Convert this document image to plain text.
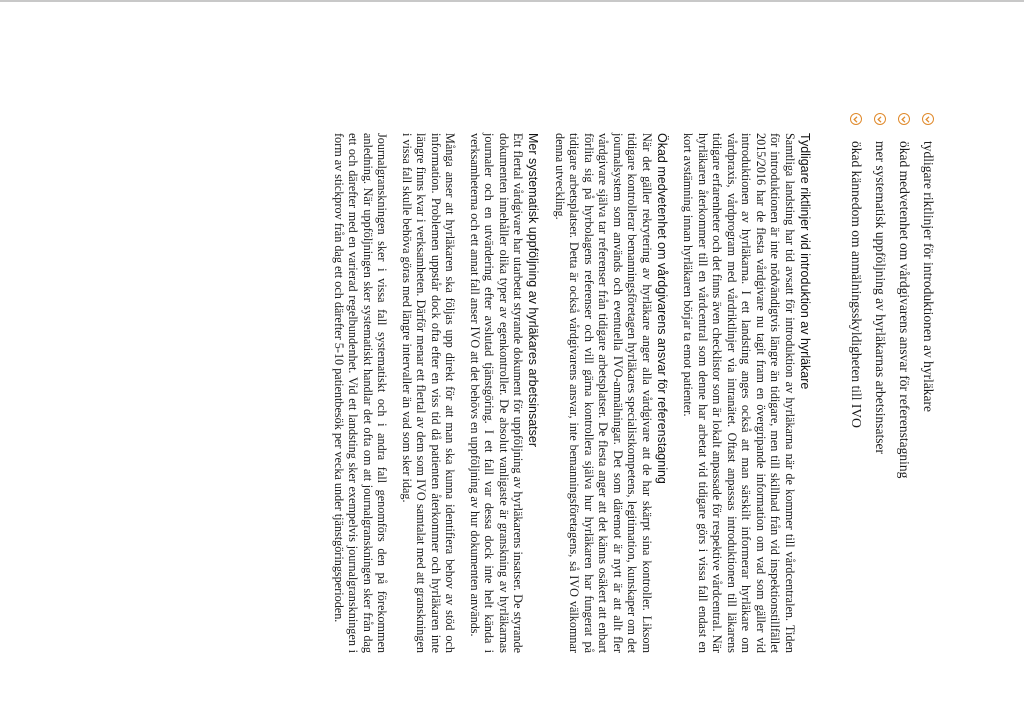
tydligare riktlinjer för introduktionen av hyrläkare
ökad medvetenhet om vårdgivarens ansvar för referenstagning
mer systematisk uppföljning av hyrläkarnas arbetsinsatser
ökad kännedom om anmälningsskyldigheten till IVO
Tydligare riktlinjer vid introduktion av hyrläkare

Samtliga landsting har tid avsatt för introduktion av hyrläkarna när de kommer till vårdcentralen. Tiden för introduktionen är inte nödvändigtvis längre än tidigare, men till skillnad från vid inspektionstillfället 2015/2016 har de flesta vårdgivare nu tagit fram en övergripande information om vad som gäller vid introduktionen av hyrläkarna. I ett landsting anges också att man särskilt informerar hyrläkare om vårdpraxis, vårdprogram med vårdriktlinjer via intranätet. Oftast anpassas introduktionen till läkarens tidigare erfarenheter och det finns även checklistor som är lokalt anpassade för respektive vårdcentral. När hyrläkaren återkommer till en vårdcentral som denne har arbetat vid tidigare görs i vissa fall endast en kort avstämning innan hyrläkaren börjar ta emot patienter.

Ökad medvetenhet om vårdgivarens ansvar för referenstagning

När det gäller rekrytering av hyrläkare anger alla vårdgivare att de har skärpt sina kontroller. Liksom tidigare kontrollerar bemanningsföretagen hyrläkares specialistkompetens, legitimation, kunskaper om det journalsystem som används och eventuella IVO-anmälningar. Det som däremot är nytt är att allt fler vårdgivare själva tar referenser från tidigare arbetsplatser. De flesta anger att det känns osäkert att enbart förlita sig på hyrbolagens referenser och vill gärna kontrollera själva hur hyrläkaren har fungerat på tidigare arbetsplatser. Detta är också vårdgivarens ansvar, inte bemanningsföretagens, så IVO välkomnar denna utveckling.

Mer systematisk uppföljning av hyrläkares arbetsinsatser

Ett flertal vårdgivare har utarbetat styrande dokument för uppföljning av hyrläkarens insatser. De styrande dokumenten innehåller olika typer av egenkontroller. De absolut vanligaste är granskning av hyrläkarnas journaler och en utvärdering efter avslutad tjänstgöring. I ett fall var dessa dock inte helt kända i verksamheterna och ett annat fall anser IVO att det behövs en uppföljning av hur dokumenten används.

Många anser att hyrläkaren ska följas upp direkt för att man ska kunna identifiera behov av stöd och information. Problemen uppstår dock ofta efter en viss tid då patienten återkommer och hyrläkaren inte längre finns kvar i verksamheten. Därför menar ett flertal av dem som IVO samtalat med att granskningen i vissa fall skulle behöva göras med längre intervaller än vad som sker idag.

Journalgranskningen sker i vissa fall systematiskt och i andra fall genomförs den på förekommen anledning. När uppföljningen sker systematiskt handlar det ofta om att journalgranskningen sker från dag ett och därefter med en varierad regelbundenhet. Vid ett landsting sker exempelvis journalgranskningen i form av stickprov från dag ett och därefter 5-10 patientbesök per vecka under tjänstgöringsperioden.
